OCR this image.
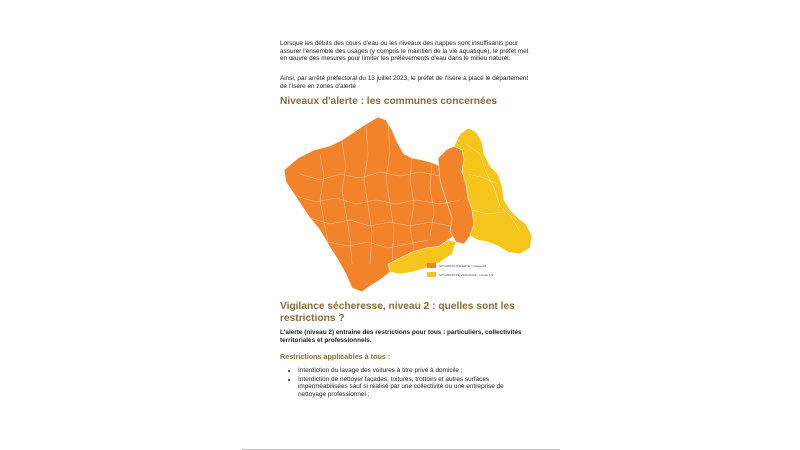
Lorsque les débits des cours d'eau ou les niveaux des nappes sont insuffisants pour assurer l'ensemble des usages (y compris le maintien de la vie aquatique), le préfet met en œuvre des mesures pour limiter les prélèvements d'eau dans le milieu naturel.

Ainsi, par arrêté préfectoral du 13 juillet 2023, le préfet de l'Isère a placé le département de l'Isère en zones d'alerte

Niveaux d'alerte : les communes concernées
Vigilance sécheresse, niveau 2 : quelles sont les restrictions ?

L'alerte (niveau 2) entraîne des restrictions pour tous : particuliers, collectivités territoriales et professionnels.

Restrictions applicables à tous :
• Interdiction du lavage des voitures à titre privé à domicile ;
• Interdiction de nettoyer façades, toitures, trottoirs et autres surfaces imperméabilisées sauf si réalisé par une collectivité ou une entreprise de nettoyage professionnel ;
SITUATION D'ALERTE · niveau 2/4
SITUATION DE VIGILANCE · niveau 1/4
